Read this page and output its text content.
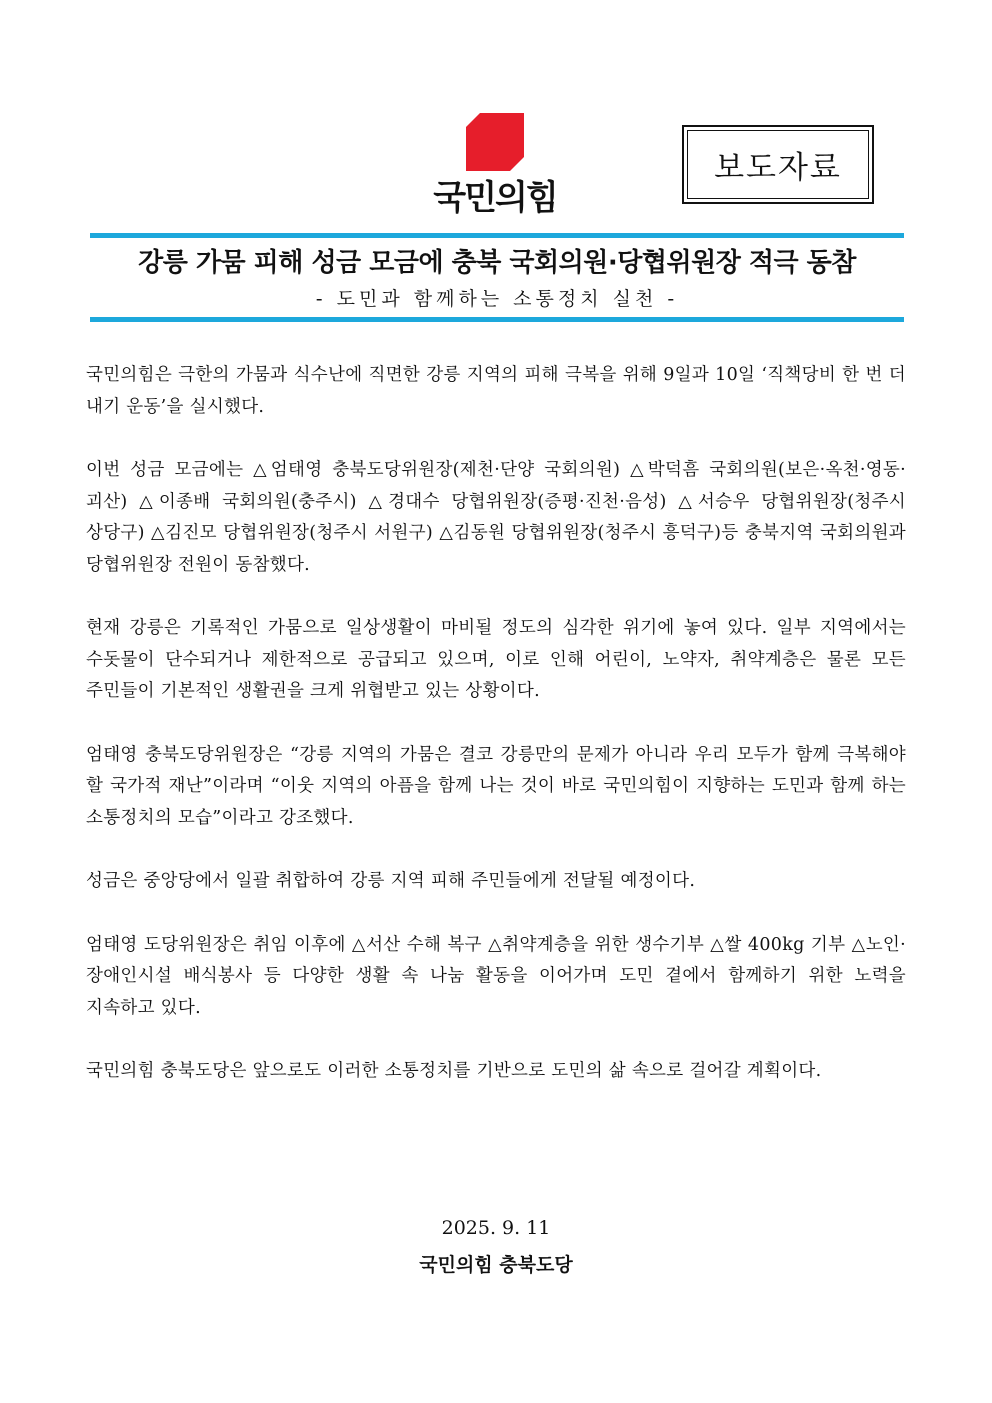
국민의힘
보도자료
강릉 가뭄 피해 성금 모금에 충북 국회의원·당협위원장 적극 동참
- 도민과 함께하는 소통정치 실천 -

국민의힘은 극한의 가뭄과 식수난에 직면한 강릉 지역의 피해 극복을 위해 9일과 10일 ‘직책당비 한 번 더 내기 운동’을 실시했다.

이번 성금 모금에는 △엄태영 충북도당위원장(제천·단양 국회의원) △박덕흠 국회의원(보은·옥천·영동·괴산) △이종배 국회의원(충주시) △경대수 당협위원장(증평·진천·음성) △서승우 당협위원장(청주시 상당구) △김진모 당협위원장(청주시 서원구) △김동원 당협위원장(청주시 흥덕구)등 충북지역 국회의원과 당협위원장 전원이 동참했다.

현재 강릉은 기록적인 가뭄으로 일상생활이 마비될 정도의 심각한 위기에 놓여 있다. 일부 지역에서는 수돗물이 단수되거나 제한적으로 공급되고 있으며, 이로 인해 어린이, 노약자, 취약계층은 물론 모든 주민들이 기본적인 생활권을 크게 위협받고 있는 상황이다.

엄태영 충북도당위원장은 “강릉 지역의 가뭄은 결코 강릉만의 문제가 아니라 우리 모두가 함께 극복해야 할 국가적 재난”이라며 “이웃 지역의 아픔을 함께 나는 것이 바로 국민의힘이 지향하는 도민과 함께 하는 소통정치의 모습”이라고 강조했다.

성금은 중앙당에서 일괄 취합하여 강릉 지역 피해 주민들에게 전달될 예정이다.

엄태영 도당위원장은 취임 이후에 △서산 수해 복구 △취약계층을 위한 생수기부 △쌀 400kg 기부 △노인·장애인시설 배식봉사 등 다양한 생활 속 나눔 활동을 이어가며 도민 곁에서 함께하기 위한 노력을 지속하고 있다.

국민의힘 충북도당은 앞으로도 이러한 소통정치를 기반으로 도민의 삶 속으로 걸어갈 계획이다.

2025. 9. 11
국민의힘 충북도당
